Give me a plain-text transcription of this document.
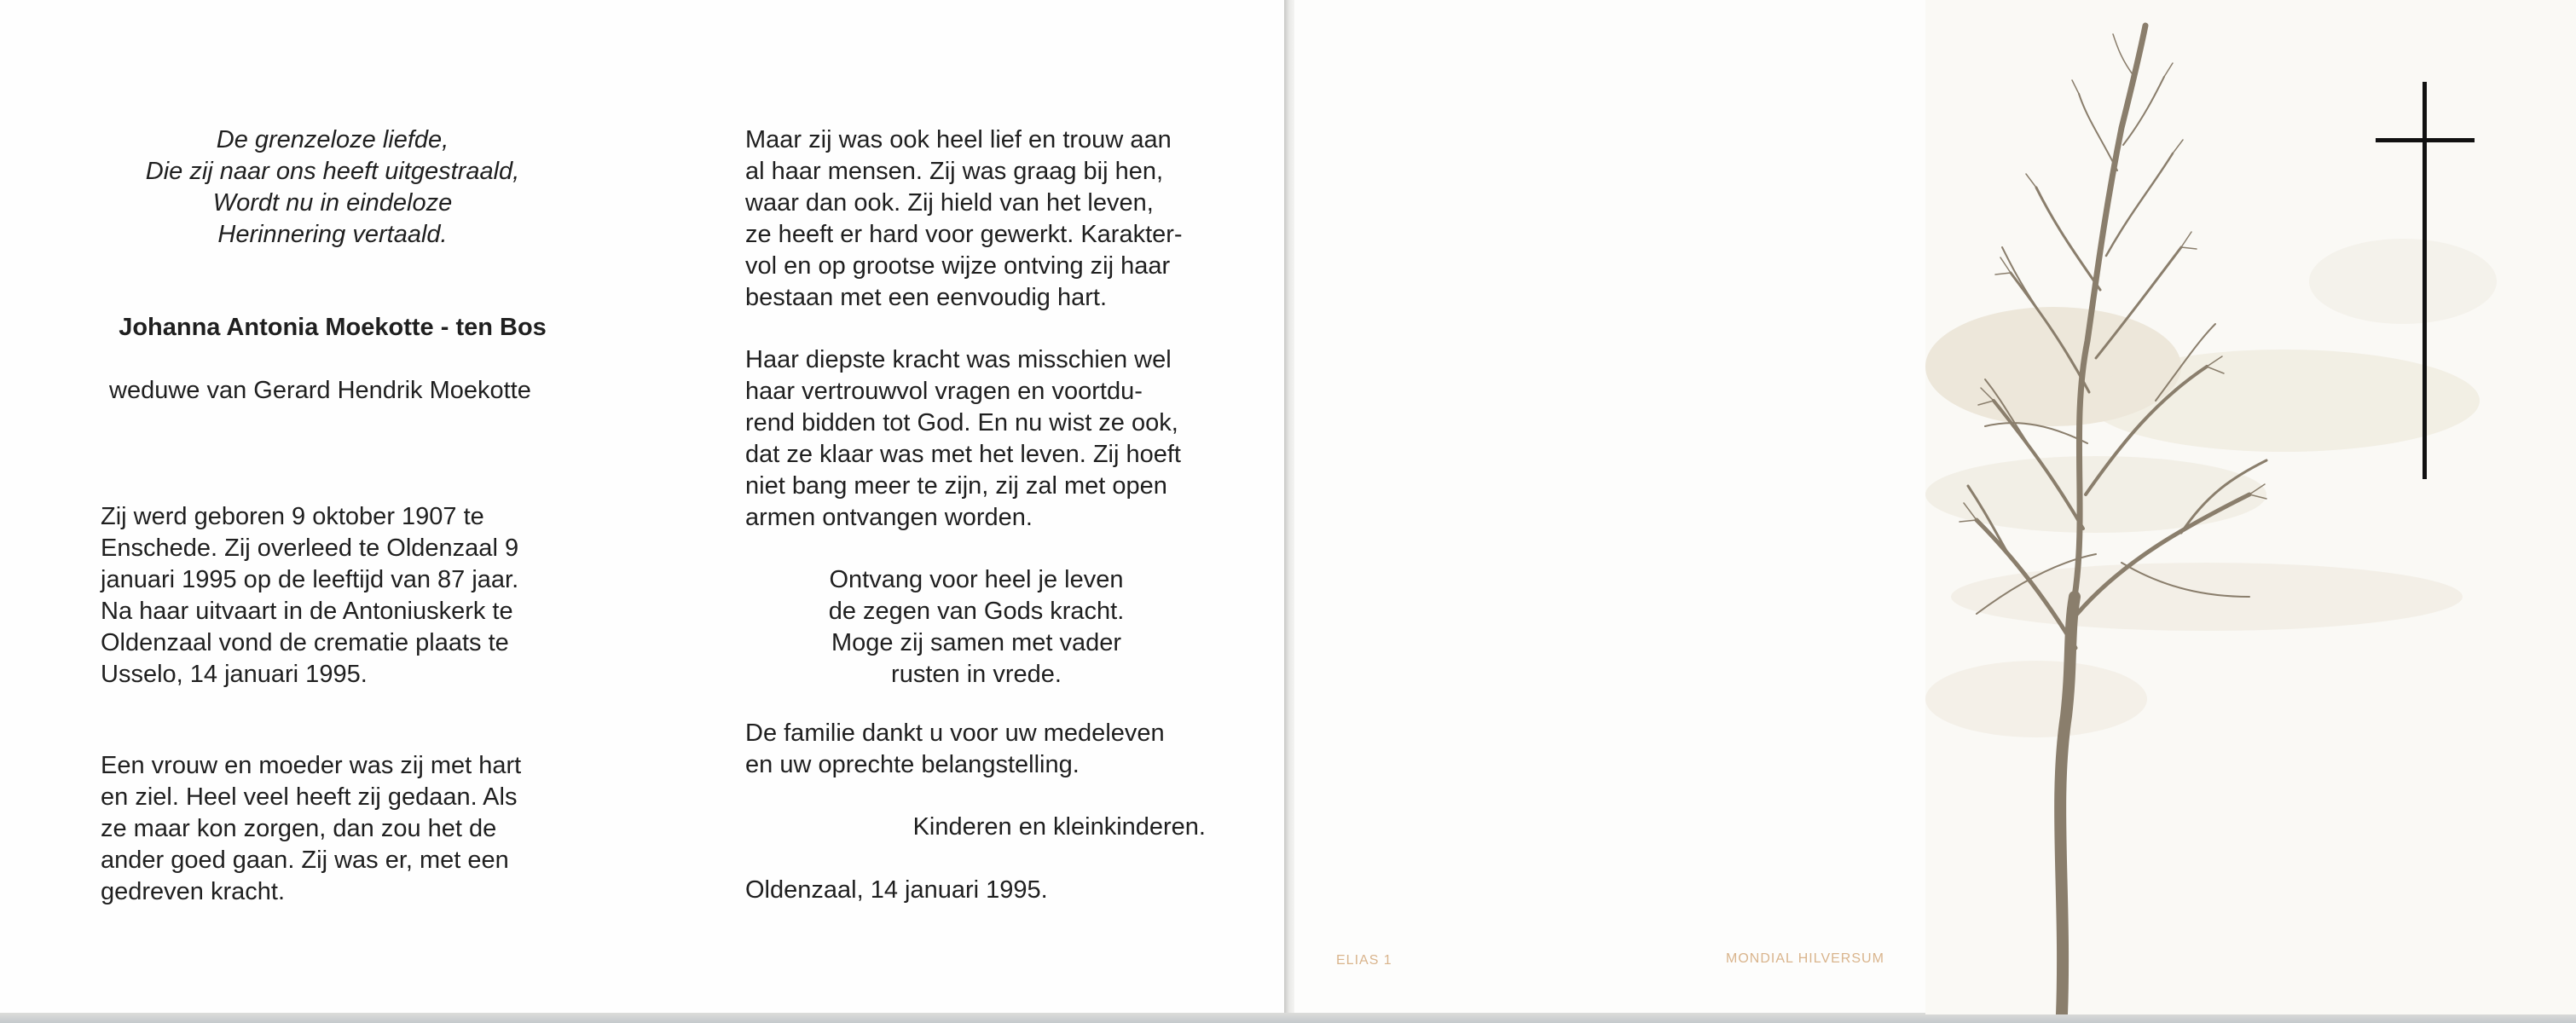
De grenzeloze liefde,
Die zij naar ons heeft uitgestraald,
Wordt nu in eindeloze
Herinnering vertaald.
Johanna Antonia Moekotte - ten Bos
weduwe van Gerard Hendrik Moekotte
Zij werd geboren 9 oktober 1907 te
Enschede. Zij overleed te Oldenzaal 9
januari 1995 op de leeftijd van 87 jaar.
Na haar uitvaart in de Antoniuskerk te
Oldenzaal vond de crematie plaats te
Usselo, 14 januari 1995.
Een vrouw en moeder was zij met hart
en ziel. Heel veel heeft zij gedaan. Als
ze maar kon zorgen, dan zou het de
ander goed gaan. Zij was er, met een
gedreven kracht.
Maar zij was ook heel lief en trouw aan
al haar mensen. Zij was graag bij hen,
waar dan ook. Zij hield van het leven,
ze heeft er hard voor gewerkt. Karakter-
vol en op grootse wijze ontving zij haar
bestaan met een eenvoudig hart.
Haar diepste kracht was misschien wel
haar vertrouwvol vragen en voortdu-
rend bidden tot God. En nu wist ze ook,
dat ze klaar was met het leven. Zij hoeft
niet bang meer te zijn, zij zal met open
armen ontvangen worden.
Ontvang voor heel je leven
de zegen van Gods kracht.
Moge zij samen met vader
rusten in vrede.
De familie dankt u voor uw medeleven
en uw oprechte belangstelling.
Kinderen en kleinkinderen.
Oldenzaal, 14 januari 1995.
ELIAS 1	MONDIAL HILVERSUM
